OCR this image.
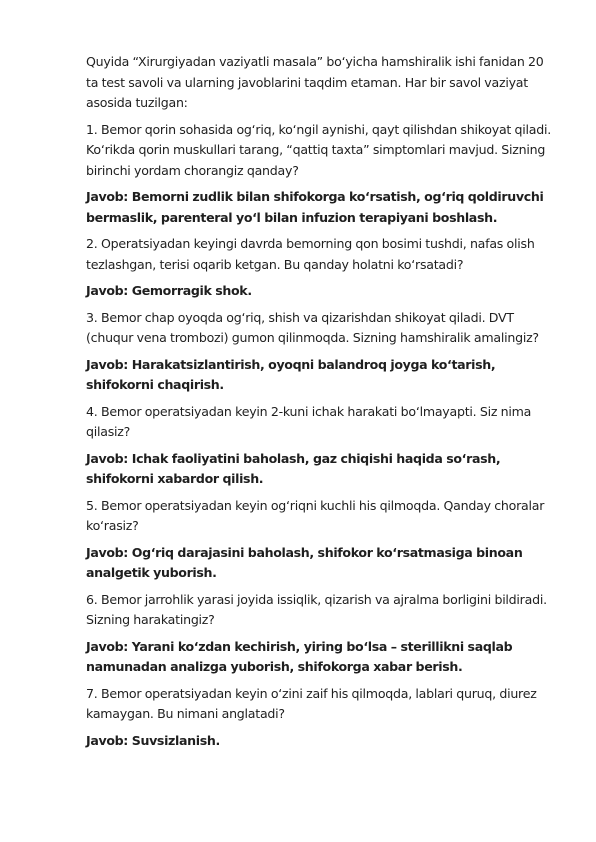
Quyida “Xirurgiyadan vaziyatli masala” bo‘yicha hamshiralik ishi fanidan 20 ta test savoli va ularning javoblarini taqdim etaman. Har bir savol vaziyat asosida tuzilgan:

1. Bemor qorin sohasida og‘riq, ko‘ngil aynishi, qayt qilishdan shikoyat qiladi. Ko‘rikda qorin muskullari tarang, “qattiq taxta” simptomlari mavjud. Sizning birinchi yordam chorangiz qanday?

Javob: Bemorni zudlik bilan shifokorga ko‘rsatish, og‘riq qoldiruvchi bermaslik, parenteral yo‘l bilan infuzion terapiyani boshlash.

2. Operatsiyadan keyingi davrda bemorning qon bosimi tushdi, nafas olish tezlashgan, terisi oqarib ketgan. Bu qanday holatni ko‘rsatadi?

Javob: Gemorragik shok.

3. Bemor chap oyoqda og‘riq, shish va qizarishdan shikoyat qiladi. DVT (chuqur vena trombozi) gumon qilinmoqda. Sizning hamshiralik amalingiz?

Javob: Harakatsizlantirish, oyoqni balandroq joyga ko‘tarish, shifokorni chaqirish.

4. Bemor operatsiyadan keyin 2-kuni ichak harakati bo‘lmayapti. Siz nima qilasiz?

Javob: Ichak faoliyatini baholash, gaz chiqishi haqida so‘rash, shifokorni xabardor qilish.

5. Bemor operatsiyadan keyin og‘riqni kuchli his qilmoqda. Qanday choralar ko‘rasiz?

Javob: Og‘riq darajasini baholash, shifokor ko‘rsatmasiga binoan analgetik yuborish.

6. Bemor jarrohlik yarasi joyida issiqlik, qizarish va ajralma borligini bildiradi. Sizning harakatingiz?

Javob: Yarani ko‘zdan kechirish, yiring bo‘lsa – sterillikni saqlab namunadan analizga yuborish, shifokorga xabar berish.

7. Bemor operatsiyadan keyin o‘zini zaif his qilmoqda, lablari quruq, diurez kamaygan. Bu nimani anglatadi?

Javob: Suvsizlanish.
